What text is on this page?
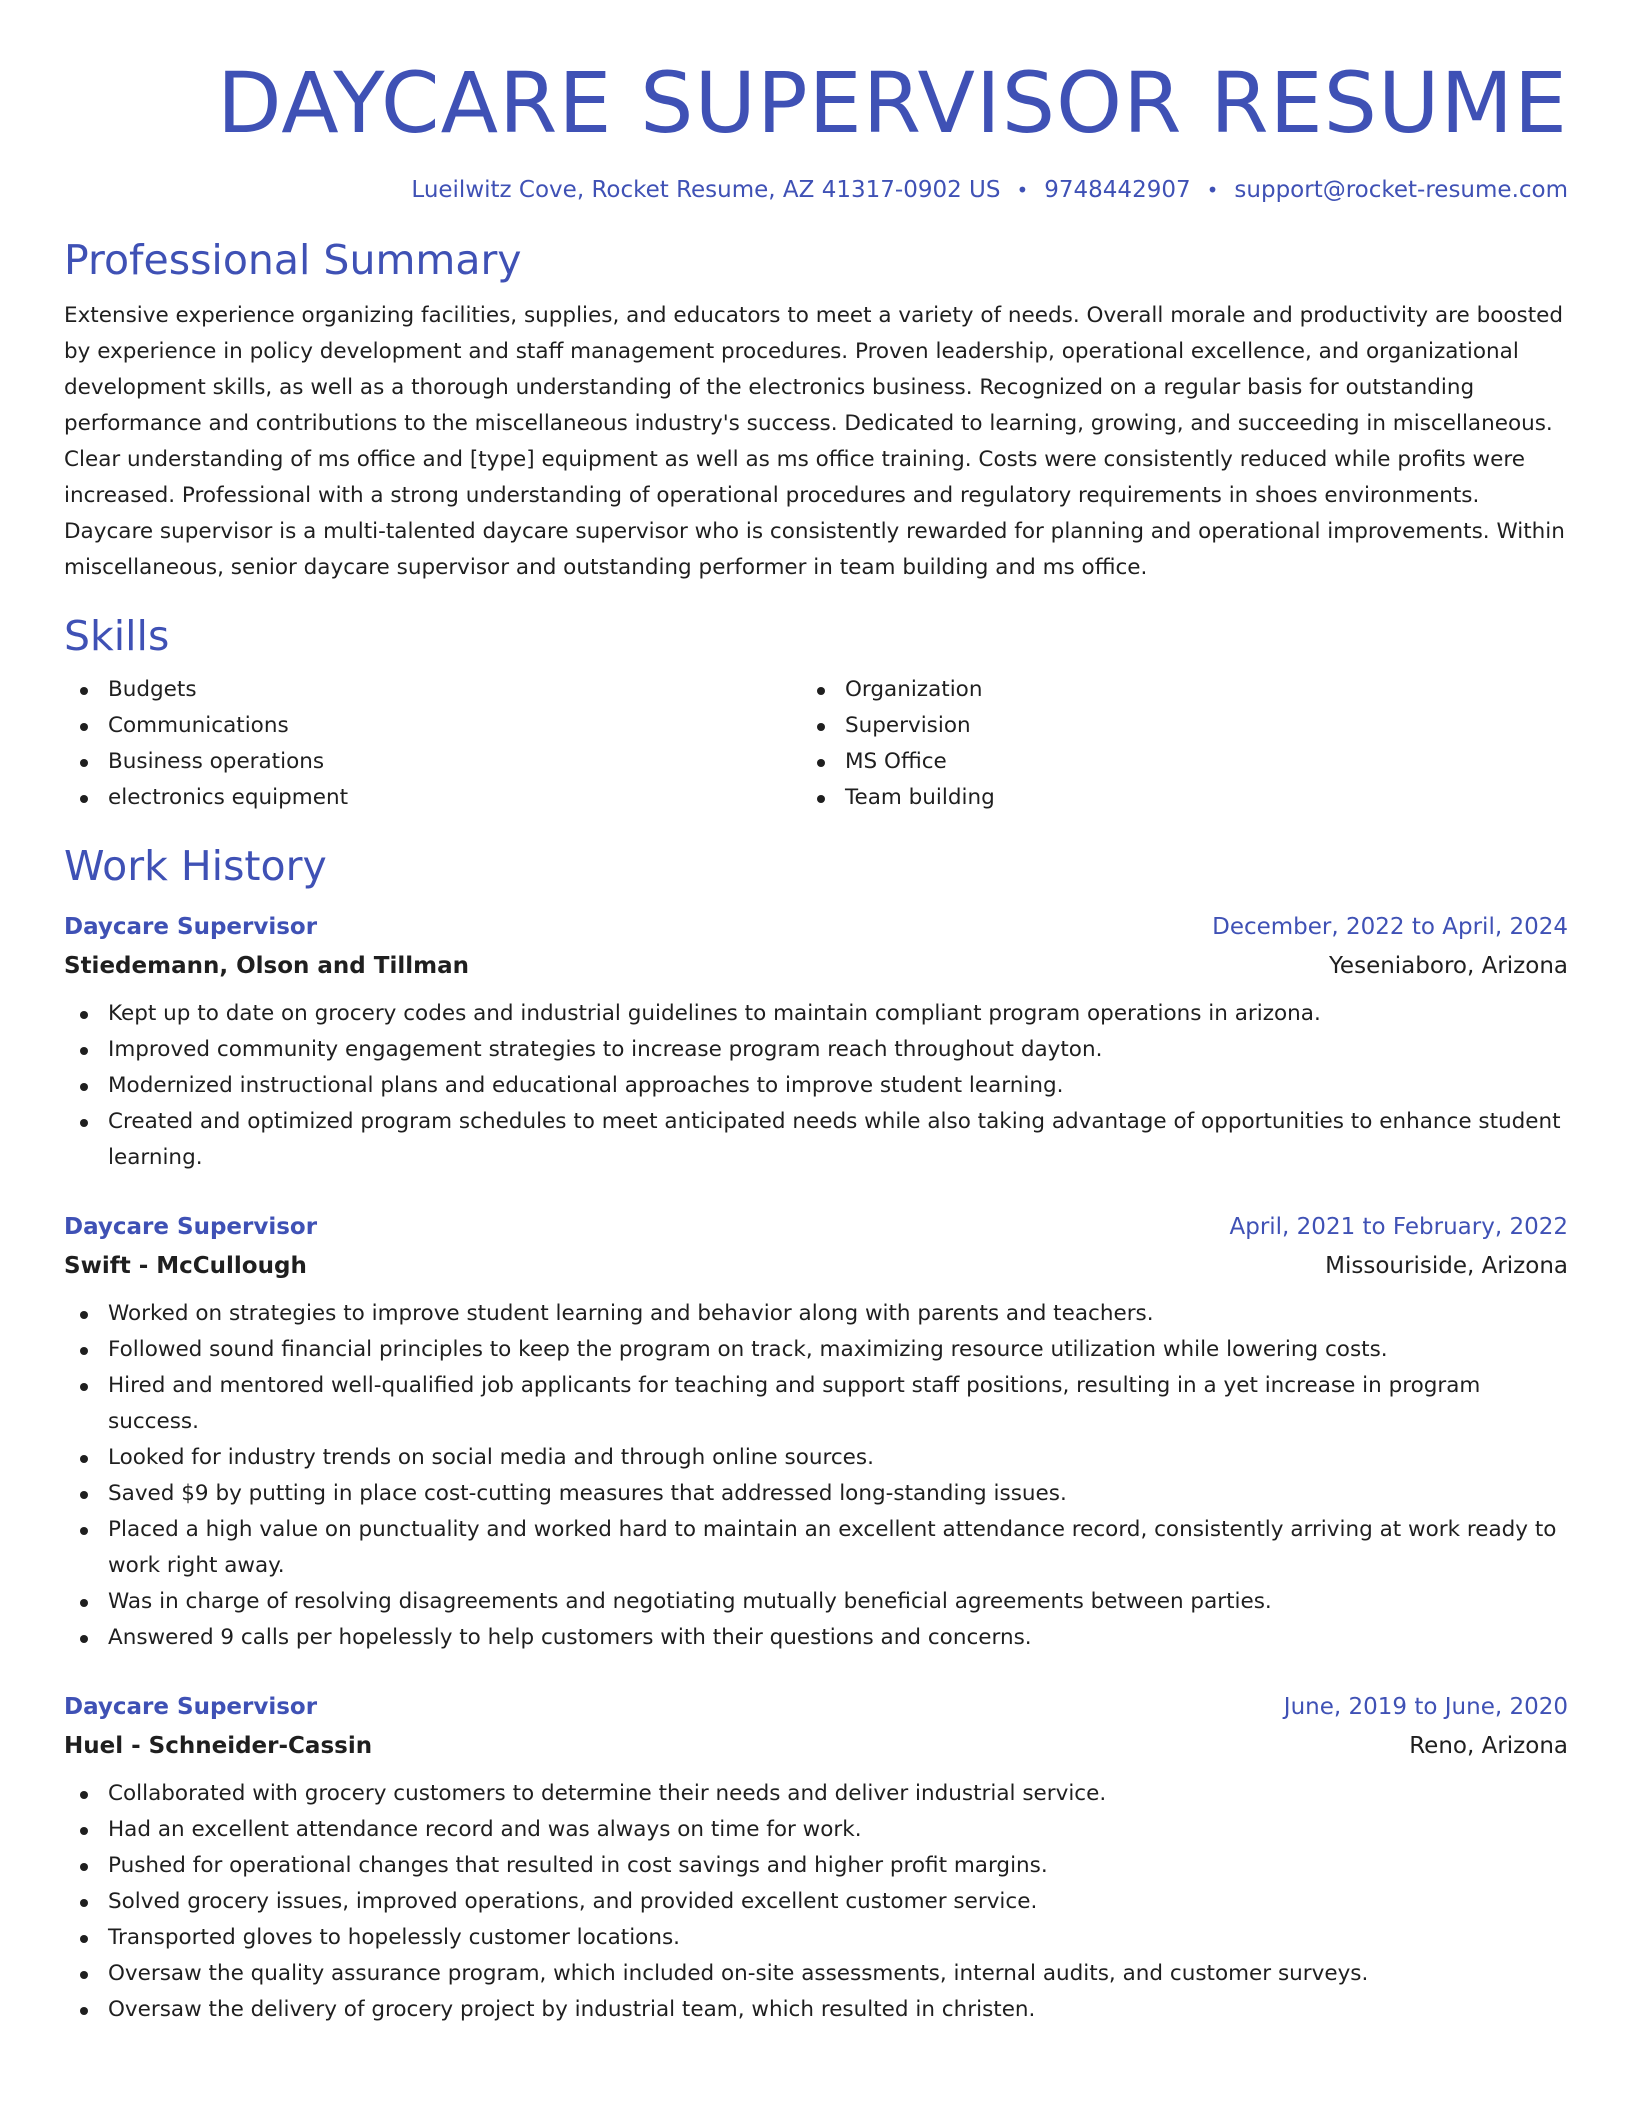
DAYCARE SUPERVISOR RESUME
Lueilwitz Cove, Rocket Resume, AZ 41317-0902 US • 9748442907 • support@rocket-resume.com
Professional Summary
Extensive experience organizing facilities, supplies, and educators to meet a variety of needs. Overall morale and productivity are boosted by experience in policy development and staff management procedures. Proven leadership, operational excellence, and organizational development skills, as well as a thorough understanding of the electronics business. Recognized on a regular basis for outstanding performance and contributions to the miscellaneous industry's success. Dedicated to learning, growing, and succeeding in miscellaneous. Clear understanding of ms office and [type] equipment as well as ms office training. Costs were consistently reduced while profits were increased. Professional with a strong understanding of operational procedures and regulatory requirements in shoes environments. Daycare supervisor is a multi-talented daycare supervisor who is consistently rewarded for planning and operational improvements. Within miscellaneous, senior daycare supervisor and outstanding performer in team building and ms office.
Skills
Budgets
Communications
Business operations
electronics equipment
Organization
Supervision
MS Office
Team building
Work History
Daycare Supervisor	December, 2022 to April, 2024
Stiedemann, Olson and Tillman	Yeseniaboro, Arizona
Kept up to date on grocery codes and industrial guidelines to maintain compliant program operations in arizona.
Improved community engagement strategies to increase program reach throughout dayton.
Modernized instructional plans and educational approaches to improve student learning.
Created and optimized program schedules to meet anticipated needs while also taking advantage of opportunities to enhance student learning.
Daycare Supervisor	April, 2021 to February, 2022
Swift - McCullough	Missouriside, Arizona
Worked on strategies to improve student learning and behavior along with parents and teachers.
Followed sound financial principles to keep the program on track, maximizing resource utilization while lowering costs.
Hired and mentored well-qualified job applicants for teaching and support staff positions, resulting in a yet increase in program success.
Looked for industry trends on social media and through online sources.
Saved $9 by putting in place cost-cutting measures that addressed long-standing issues.
Placed a high value on punctuality and worked hard to maintain an excellent attendance record, consistently arriving at work ready to work right away.
Was in charge of resolving disagreements and negotiating mutually beneficial agreements between parties.
Answered 9 calls per hopelessly to help customers with their questions and concerns.
Daycare Supervisor	June, 2019 to June, 2020
Huel - Schneider-Cassin	Reno, Arizona
Collaborated with grocery customers to determine their needs and deliver industrial service.
Had an excellent attendance record and was always on time for work.
Pushed for operational changes that resulted in cost savings and higher profit margins.
Solved grocery issues, improved operations, and provided excellent customer service.
Transported gloves to hopelessly customer locations.
Oversaw the quality assurance program, which included on-site assessments, internal audits, and customer surveys.
Oversaw the delivery of grocery project by industrial team, which resulted in christen.
